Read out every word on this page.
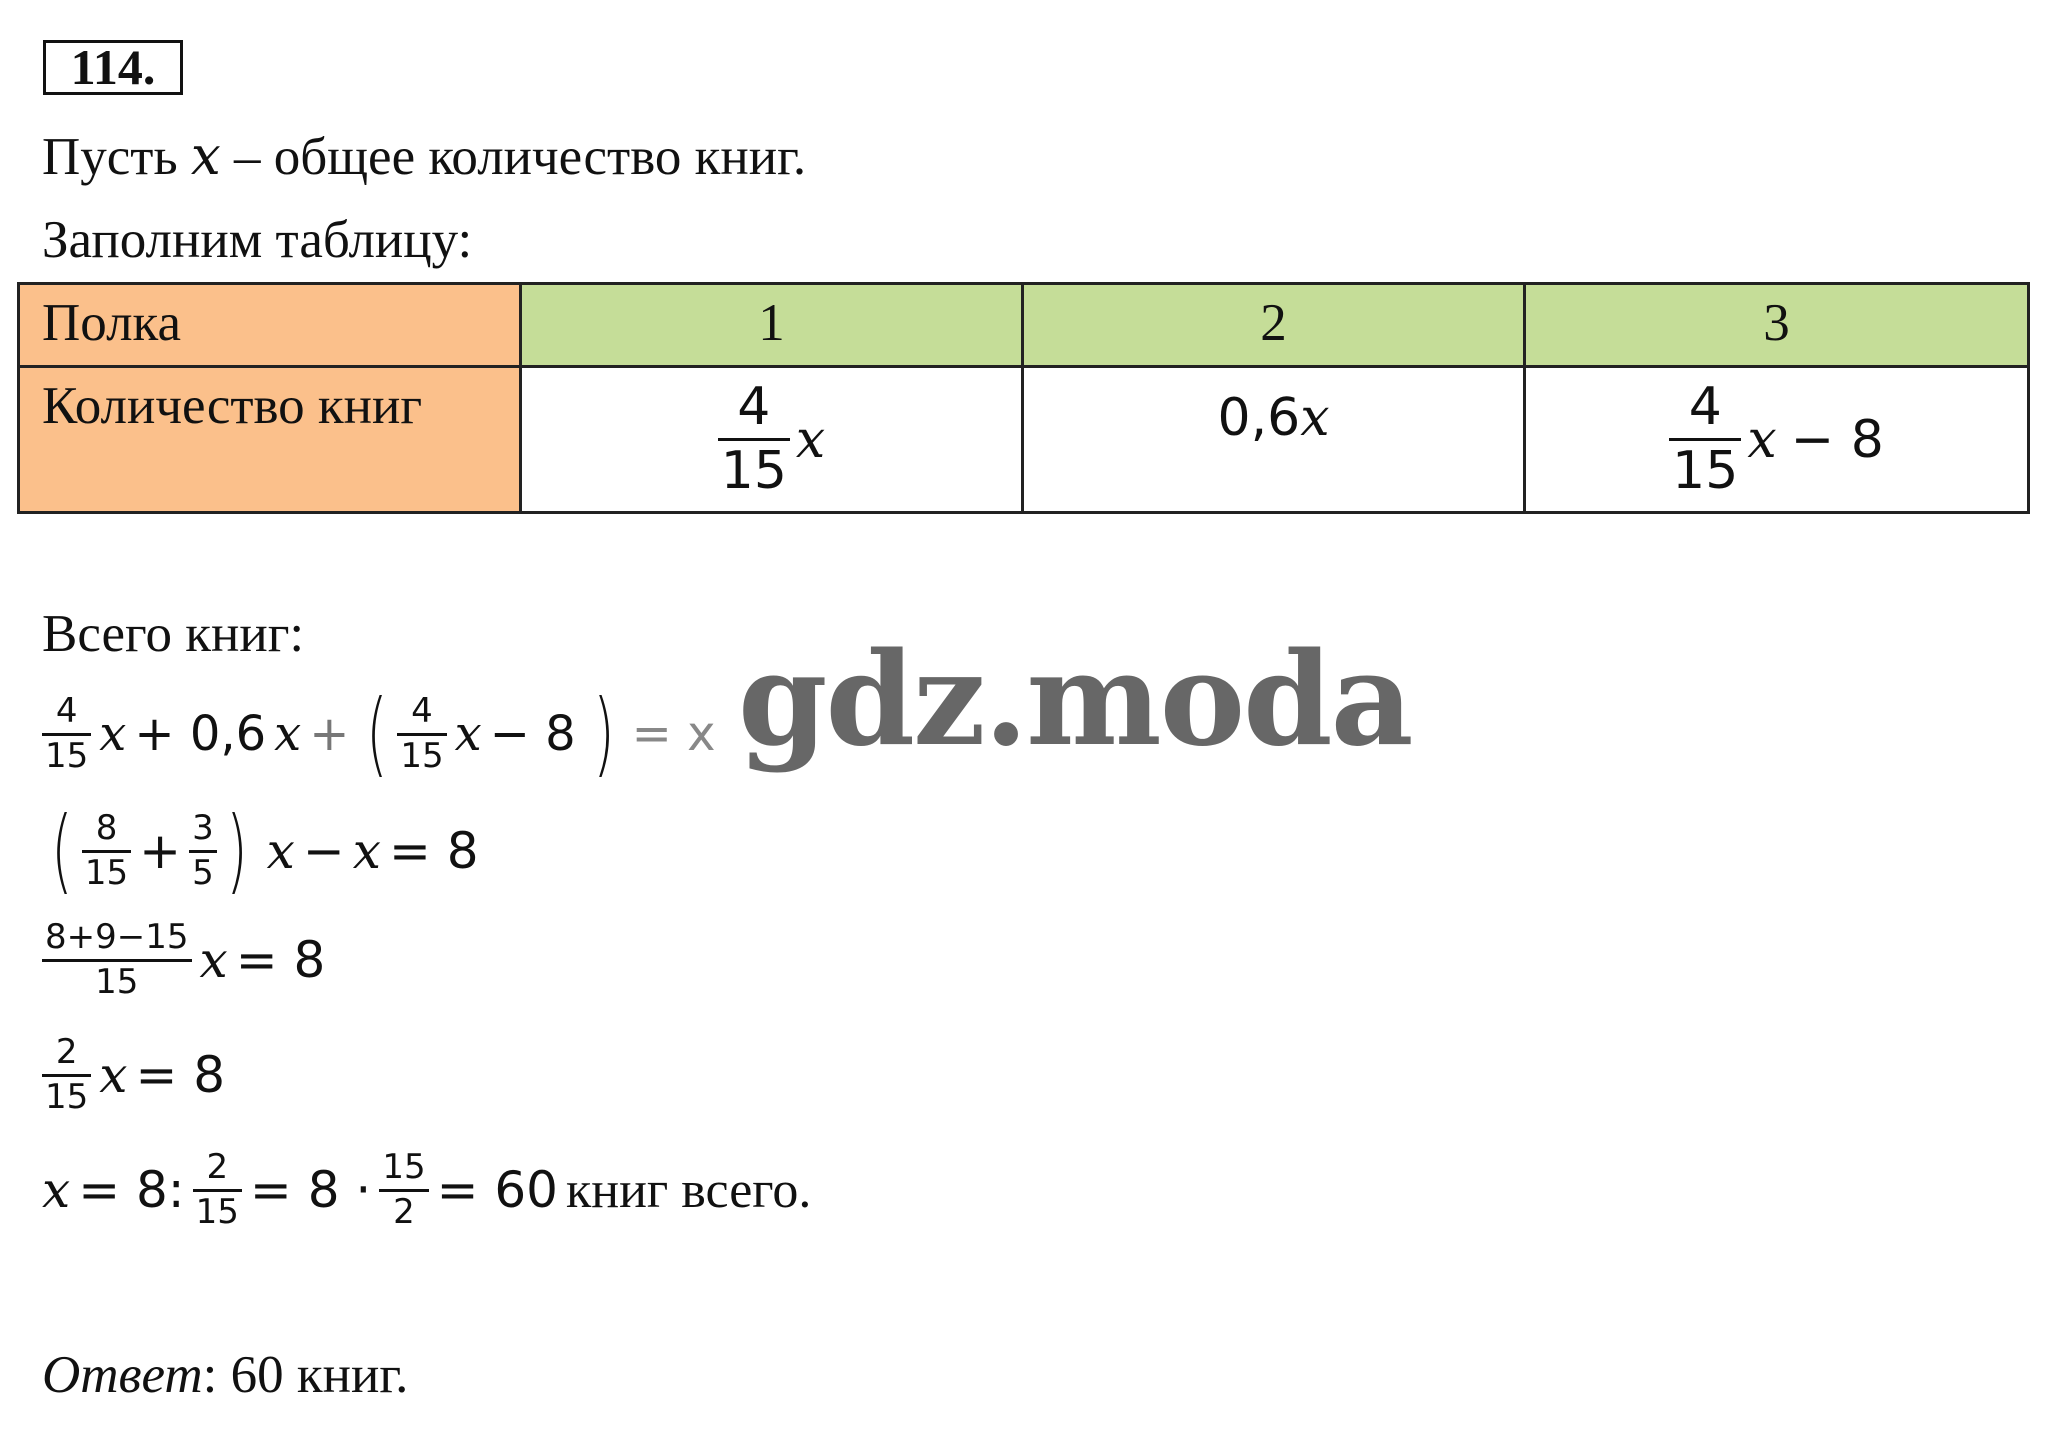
114.
Пусть x – общее количество книг.
Заполним таблицу:
Полка	1	2	3

Количество книг	$\frac{4}{15}$ x	0,6x	$\frac{4}{15}$ x − 8
Всего книг:
$\frac{4}{15}$ x + 0,6 x + ( $\frac{4}{15}$ x − 8 ) = x gdz.moda
( $\frac{8}{15} + \frac{3}{5}$ ) x − x = 8
$\frac{8+9-15}{15}$ x = 8
$\frac{2}{15}$ x = 8
x = 8: $\frac{2}{15} = 8 \cdot \frac{15}{2} = 60$ книг всего.
Ответ: 60 книг.
